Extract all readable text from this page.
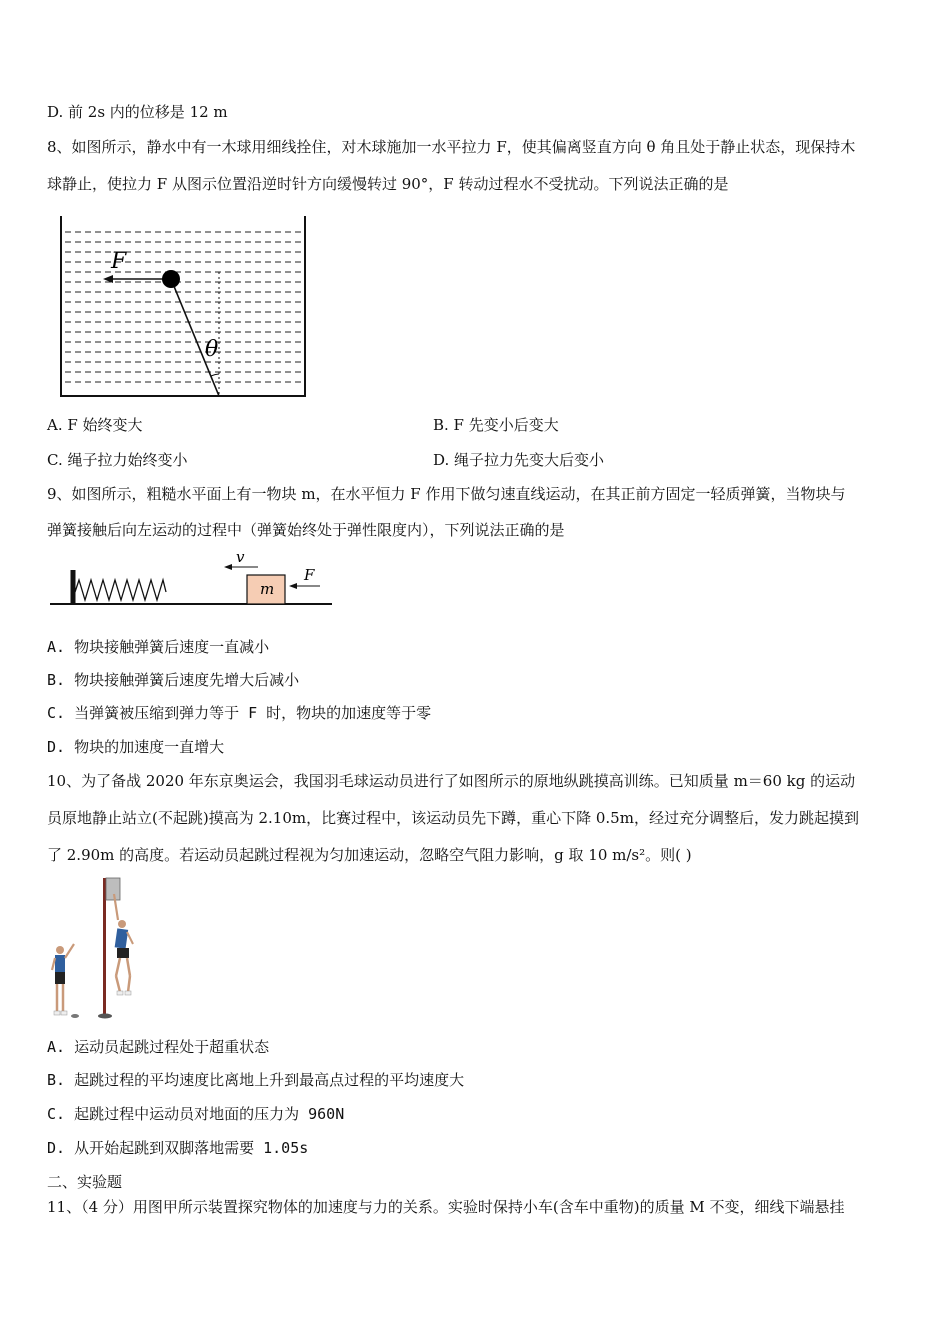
D. 前 2s 内的位移是 12 m
8、如图所示，静水中有一木球用细线拴住，对木球施加一水平拉力 F，使其偏离竖直方向 θ 角且处于静止状态，现保持木
球静止，使拉力 F 从图示位置沿逆时针方向缓慢转过 90°，F 转动过程水不受扰动。下列说法正确的是
F
θ
A. F 始终变大	B. F 先变小后变大
C. 绳子拉力始终变小	D. 绳子拉力先变大后变小
9、如图所示，粗糙水平面上有一物块 m，在水平恒力 F 作用下做匀速直线运动，在其正前方固定一轻质弹簧，当物块与
弹簧接触后向左运动的过程中（弹簧始终处于弹性限度内），下列说法正确的是
m
v
F
A. 物块接触弹簧后速度一直减小
B. 物块接触弹簧后速度先增大后减小
C. 当弹簧被压缩到弹力等于 F 时，物块的加速度等于零
D. 物块的加速度一直增大
10、为了备战 2020 年东京奥运会，我国羽毛球运动员进行了如图所示的原地纵跳摸高训练。已知质量 m＝60 kg 的运动
员原地静止站立(不起跳)摸高为 2.10m，比赛过程中，该运动员先下蹲，重心下降 0.5m，经过充分调整后，发力跳起摸到
了 2.90m 的高度。若运动员起跳过程视为匀加速运动，忽略空气阻力影响，g 取 10 m/s²。则( )
A. 运动员起跳过程处于超重状态
B. 起跳过程的平均速度比离地上升到最高点过程的平均速度大
C. 起跳过程中运动员对地面的压力为 960N
D. 从开始起跳到双脚落地需要 1.05s
二、实验题
11、（4 分）用图甲所示装置探究物体的加速度与力的关系。实验时保持小车(含车中重物)的质量 M 不变，细线下端悬挂
